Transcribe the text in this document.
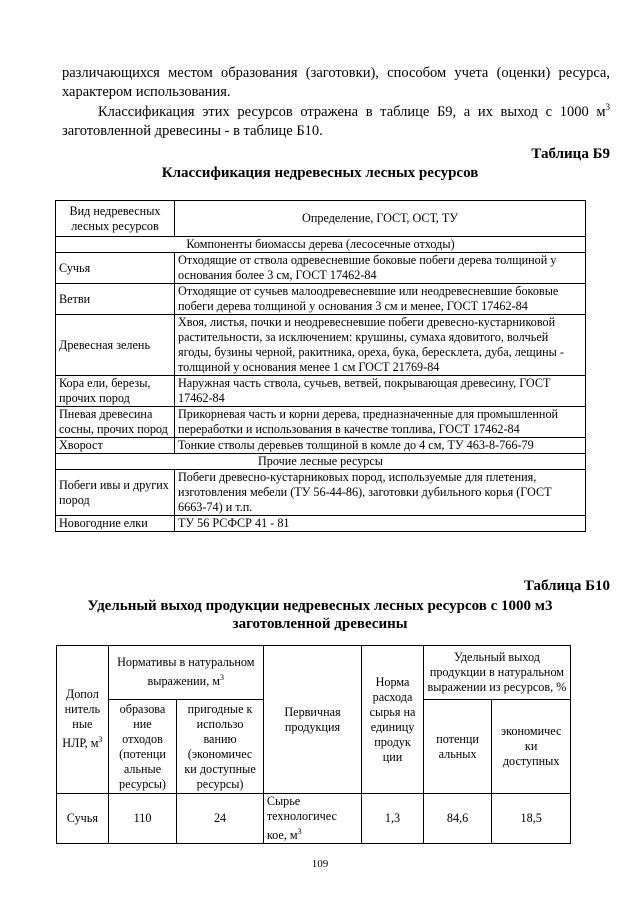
различающихся местом образования (заготовки), способом учета (оценки) ресурса, характером использования.
Классификация этих ресурсов отражена в таблице Б9, а их выход с 1000 $м^3$ заготовленной древесины - в таблице Б10.
Таблица Б9
Классификация недревесных лесных ресурсов
Вид недревесных лесных ресурсов	Определение, ГОСТ, ОСТ, ТУ
Компоненты биомассы дерева (лесосечные отходы)	
Сучья	Отходящие от ствола одревесневшие боковые побеги дерева толщиной у основания более 3 см, ГОСТ 17462-84
Ветви	Отходящие от сучьев малоодревесневшие или неодревесневшие боковые побеги дерева толщиной у основания 3 см и менее, ГОСТ 17462-84
Древесная зелень	Хвоя, листья, почки и неодревесневшие побеги древесно-кустарниковой растительности, за исключением: крушины, сумаха ядовитого, волчьей ягоды, бузины черной, ракитника, ореха, бука, бересклета, дуба, лещины - толщиной у основания менее 1 см ГОСТ 21769-84
Кора ели, березы, прочих пород	Наружная часть ствола, сучьев, ветвей, покрывающая древесину, ГОСТ 17462-84
Пневая древесина сосны, прочих пород	Прикорневая часть и корни дерева, предназначенные для промышленной переработки и использования в качестве топлива, ГОСТ 17462-84
Хворост	Тонкие стволы деревьев толщиной в комле до 4 см, ТУ 463-8-766-79
Прочие лесные ресурсы	
Побеги ивы и других пород	Побеги древесно-кустарниковых пород, используемые для плетения, изготовления мебели (ТУ 56-44-86), заготовки дубильного корья (ГОСТ 6663-74) и т.п.
Новогодние елки	ТУ 56 РСФСР 41 - 81
Таблица Б10
Удельный выход продукции недревесных лесных ресурсов с 1000 м3
заготовленной древесины
Допол нитель ные НЛР, $м^3$	Нормативы в натуральном выражении, $м^3$		Первичная продукция	Норма расхода сырья на единицу продук ции	Удельный выход продукции в натуральном выражении из ресурсов, %	
	образова ние отходов (потенци альные ресурсы)	пригодные к использо ванию (экономичес ки доступные ресурсы)			потенци альных	экономичес ки доступных
Сучья	110	24	Сырье технологичес кое, $м^3$	1,3	84,6	18,5
109
